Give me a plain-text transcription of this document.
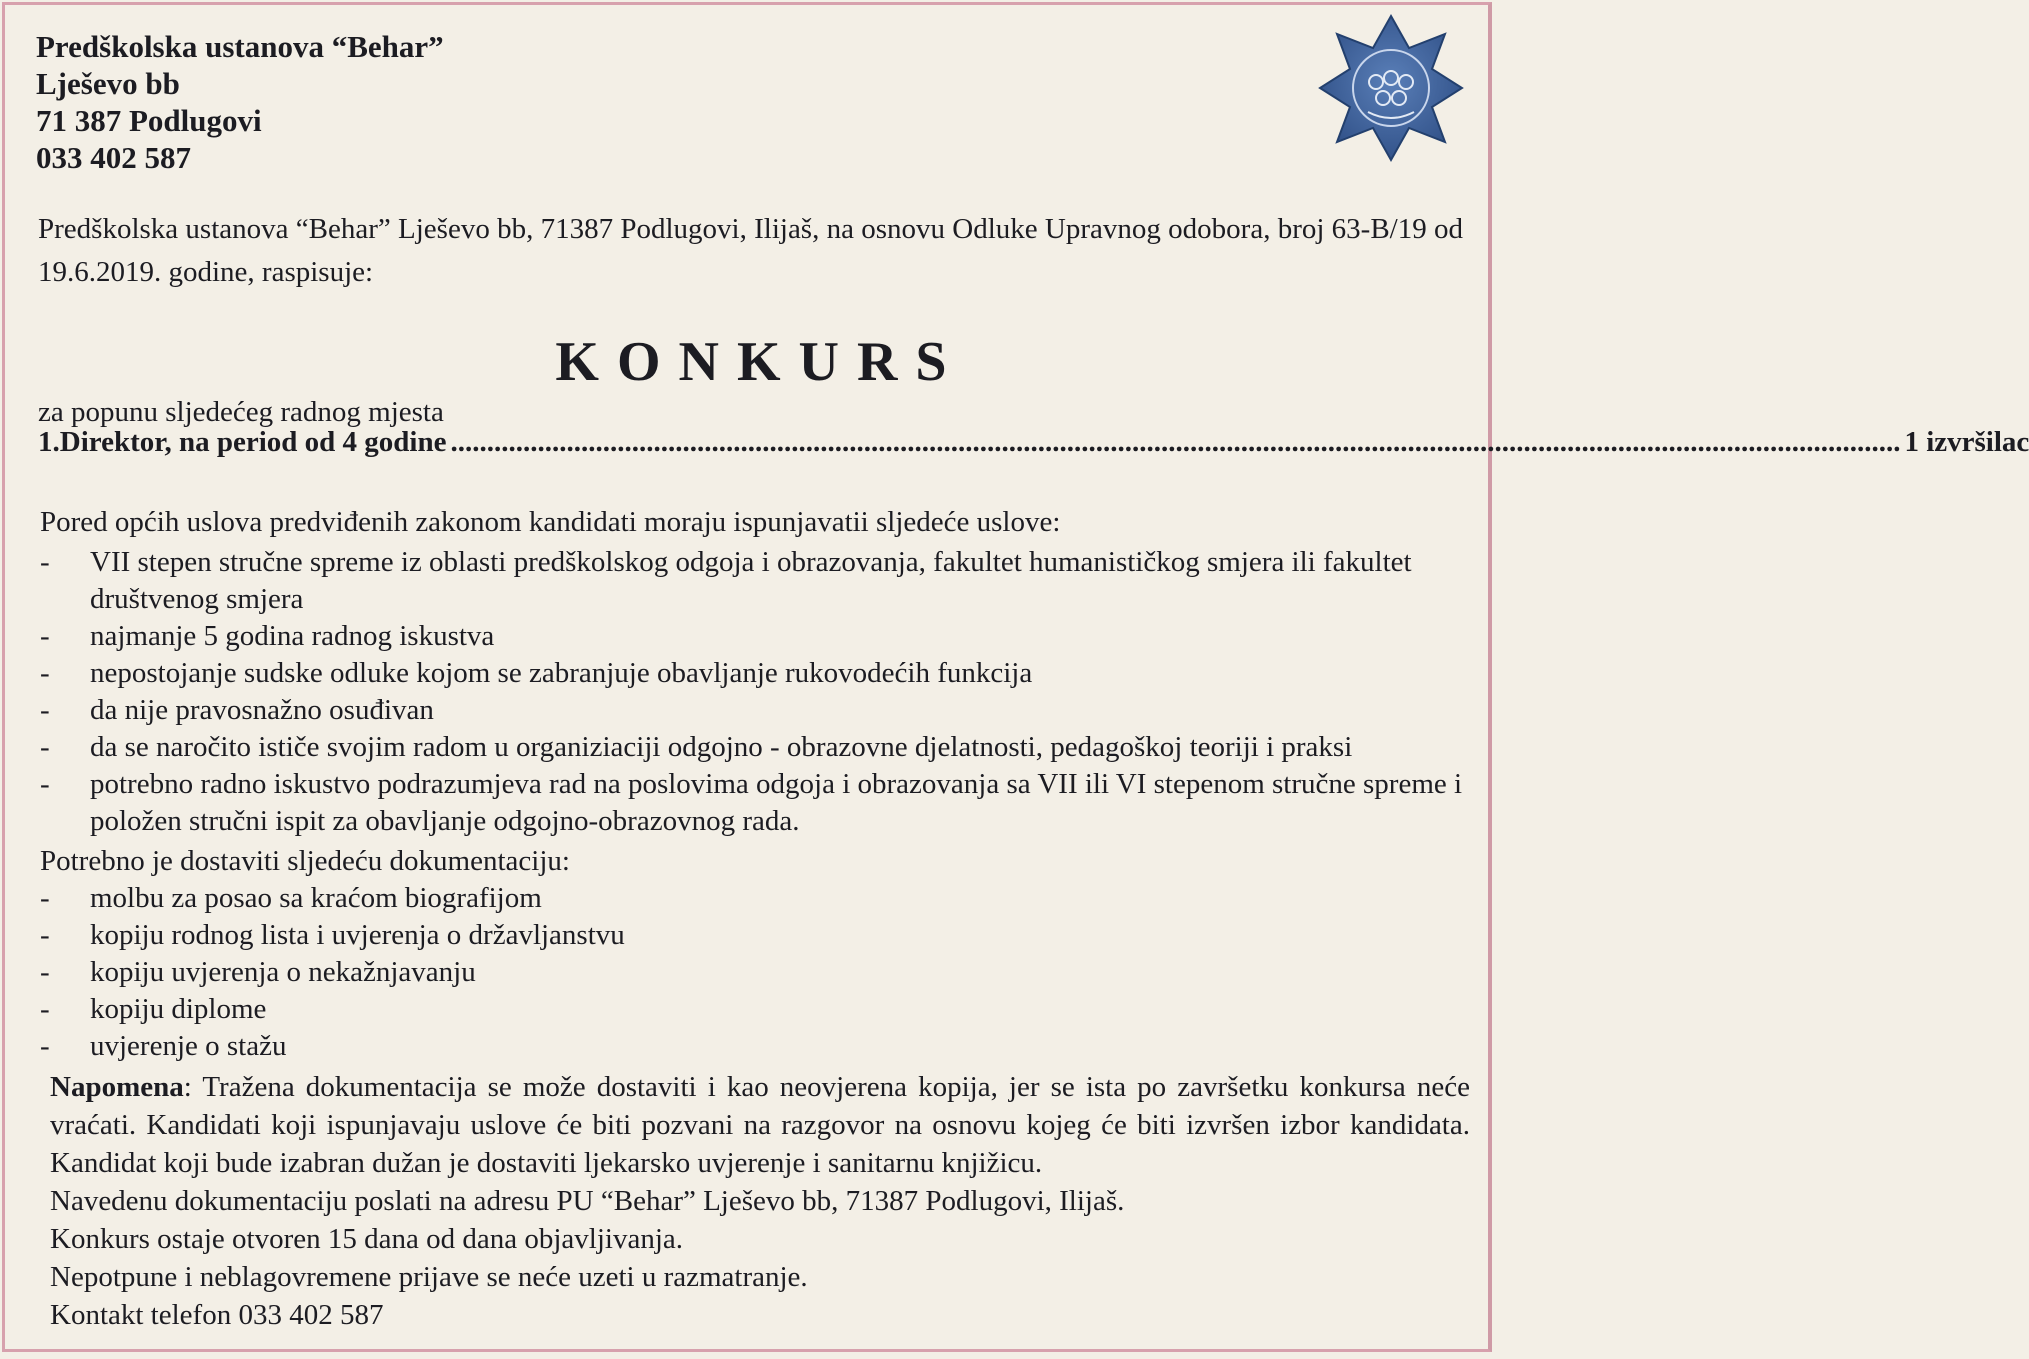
Predškolska ustanova “Behar”
Lješevo bb
71 387 Podlugovi
033 402 587
Predškolska ustanova “Behar” Lješevo bb, 71387 Podlugovi, Ilijaš, na osnovu Odluke Upravnog odobora, broj 63-B/19 od 19.6.2019. godine, raspisuje:
KONKURS
za popunu sljedećeg radnog mjesta
1. Direktor, na period od 4 godine ........................................................................................................................................................................................................ 1 izvršilac
Pored općih uslova predviđenih zakonom kandidati moraju ispunjavatii sljedeće uslove:
-	VII stepen stručne spreme iz oblasti predškolskog odgoja i obrazovanja, fakultet humanističkog smjera ili fakultet društvenog smjera
-	najmanje 5 godina radnog iskustva
-	nepostojanje sudske odluke kojom se zabranjuje obavljanje rukovodećih funkcija
-	da nije pravosnažno osuđivan
-	da se naročito ističe svojim radom u organiziaciji odgojno - obrazovne djelatnosti, pedagoškoj teoriji i praksi
-	potrebno radno iskustvo podrazumjeva rad na poslovima odgoja i obrazovanja sa VII ili VI stepenom stručne spreme i položen stručni ispit za obavljanje odgojno-obrazovnog rada.
Potrebno je dostaviti sljedeću dokumentaciju:
-	molbu za posao sa kraćom biografijom
-	kopiju rodnog lista i uvjerenja o državljanstvu
-	kopiju uvjerenja o nekažnjavanju
-	kopiju diplome
-	uvjerenje o stažu
Napomena: Tražena dokumentacija se može dostaviti i kao neovjerena kopija, jer se ista po završetku konkursa neće vraćati. Kandidati koji ispunjavaju uslove će biti pozvani na razgovor na osnovu kojeg će biti izvršen izbor kandidata. Kandidat koji bude izabran dužan je dostaviti ljekarsko uvjerenje i sanitarnu knjižicu.
Navedenu dokumentaciju poslati na adresu PU “Behar” Lješevo bb, 71387 Podlugovi, Ilijaš.
Konkurs ostaje otvoren 15 dana od dana objavljivanja.
Nepotpune i neblagovremene prijave se neće uzeti u razmatranje.
Kontakt telefon 033 402 587
